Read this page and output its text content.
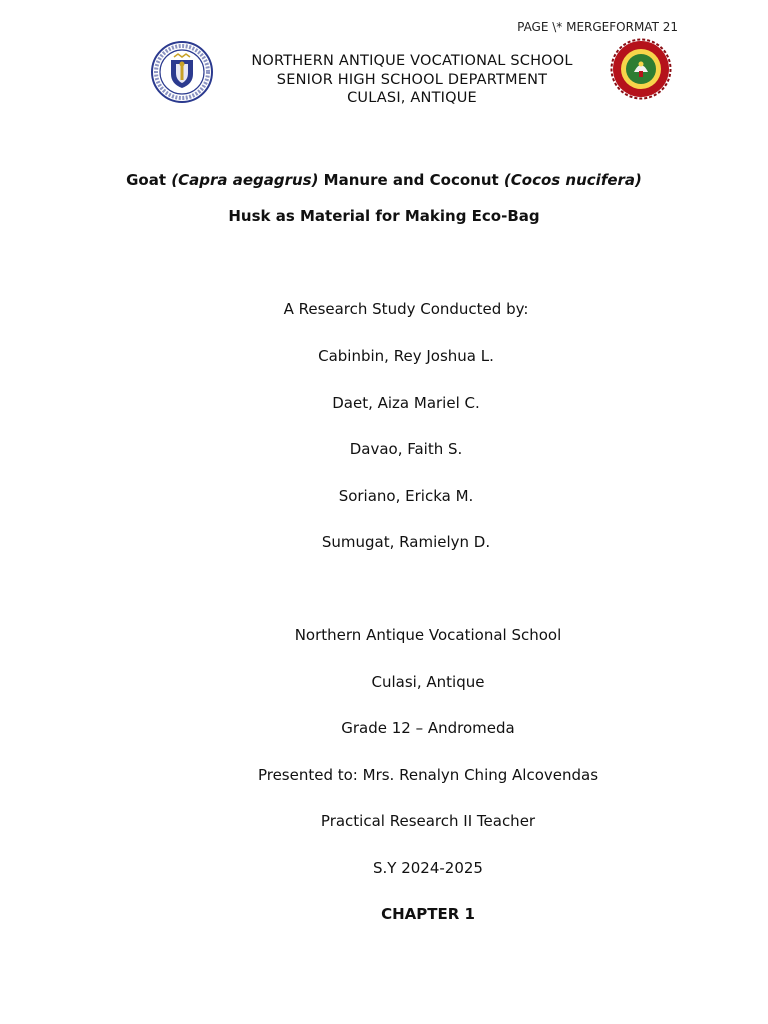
PAGE \* MERGEFORMAT 21
NORTHERN ANTIQUE VOCATIONAL SCHOOL
SENIOR HIGH SCHOOL DEPARTMENT
CULASI, ANTIQUE
Goat (Capra aegagrus) Manure and Coconut (Cocos nucifera)
Husk as Material for Making Eco-Bag
A Research Study Conducted by:
Cabinbin, Rey Joshua L.
Daet, Aiza Mariel C.
Davao, Faith S.
Soriano, Ericka M.
Sumugat, Ramielyn D.
Northern Antique Vocational School
Culasi, Antique
Grade 12 – Andromeda
Presented to: Mrs. Renalyn Ching Alcovendas
Practical Research II Teacher
S.Y 2024-2025
CHAPTER 1
